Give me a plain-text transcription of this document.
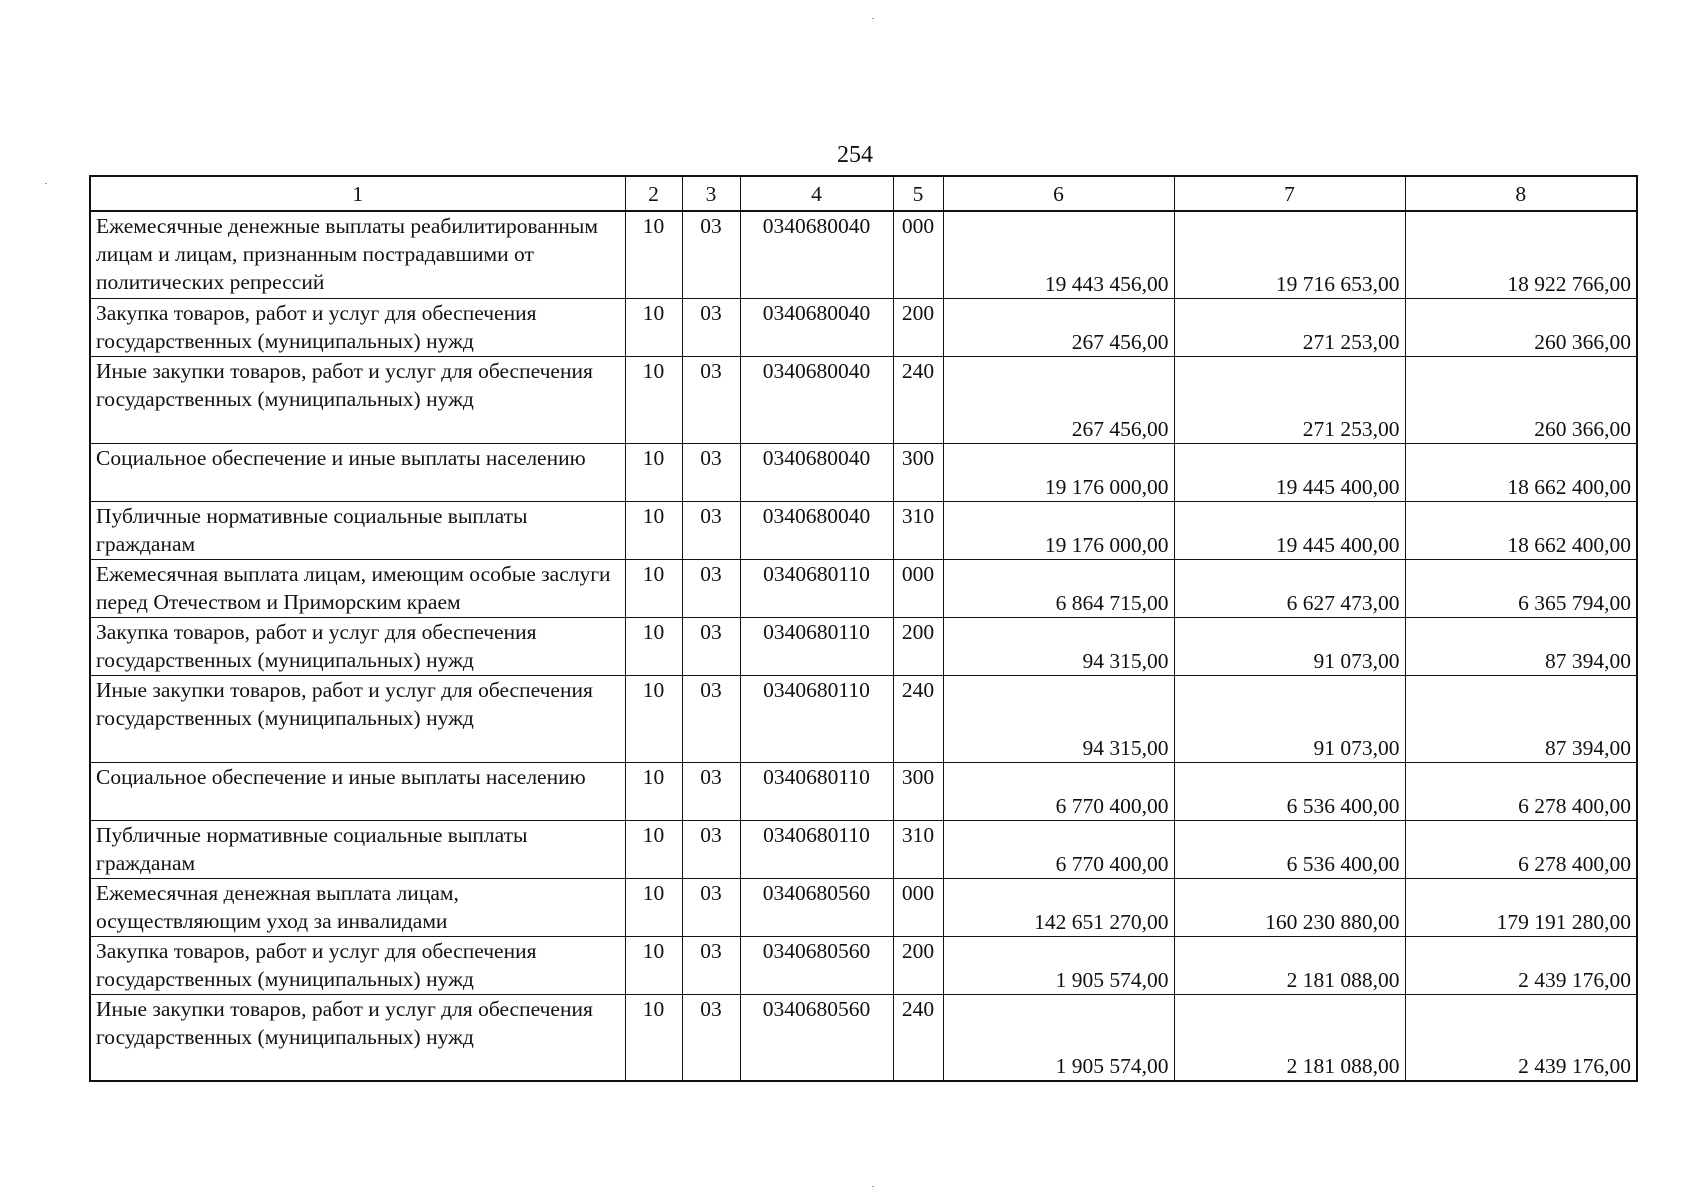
254
1	2	3	4	5	6	7	8
Ежемесячные денежные выплаты реабилитированным лицам и лицам, признанным пострадавшими от политических репрессий	10	03	0340680040	000	19 443 456,00	19 716 653,00	18 922 766,00
Закупка товаров, работ и услуг для обеспечения государственных (муниципальных) нужд	10	03	0340680040	200	267 456,00	271 253,00	260 366,00
Иные закупки товаров, работ и услуг для обеспечения государственных (муниципальных) нужд	10	03	0340680040	240	267 456,00	271 253,00	260 366,00
Социальное обеспечение и иные выплаты населению	10	03	0340680040	300	19 176 000,00	19 445 400,00	18 662 400,00
Публичные нормативные социальные выплаты гражданам	10	03	0340680040	310	19 176 000,00	19 445 400,00	18 662 400,00
Ежемесячная выплата лицам, имеющим особые заслуги перед Отечеством и Приморским краем	10	03	0340680110	000	6 864 715,00	6 627 473,00	6 365 794,00
Закупка товаров, работ и услуг для обеспечения государственных (муниципальных) нужд	10	03	0340680110	200	94 315,00	91 073,00	87 394,00
Иные закупки товаров, работ и услуг для обеспечения государственных (муниципальных) нужд	10	03	0340680110	240	94 315,00	91 073,00	87 394,00
Социальное обеспечение и иные выплаты населению	10	03	0340680110	300	6 770 400,00	6 536 400,00	6 278 400,00
Публичные нормативные социальные выплаты гражданам	10	03	0340680110	310	6 770 400,00	6 536 400,00	6 278 400,00
Ежемесячная денежная выплата лицам, осуществляющим уход за инвалидами	10	03	0340680560	000	142 651 270,00	160 230 880,00	179 191 280,00
Закупка товаров, работ и услуг для обеспечения государственных (муниципальных) нужд	10	03	0340680560	200	1 905 574,00	2 181 088,00	2 439 176,00
Иные закупки товаров, работ и услуг для обеспечения государственных (муниципальных) нужд	10	03	0340680560	240	1 905 574,00	2 181 088,00	2 439 176,00
